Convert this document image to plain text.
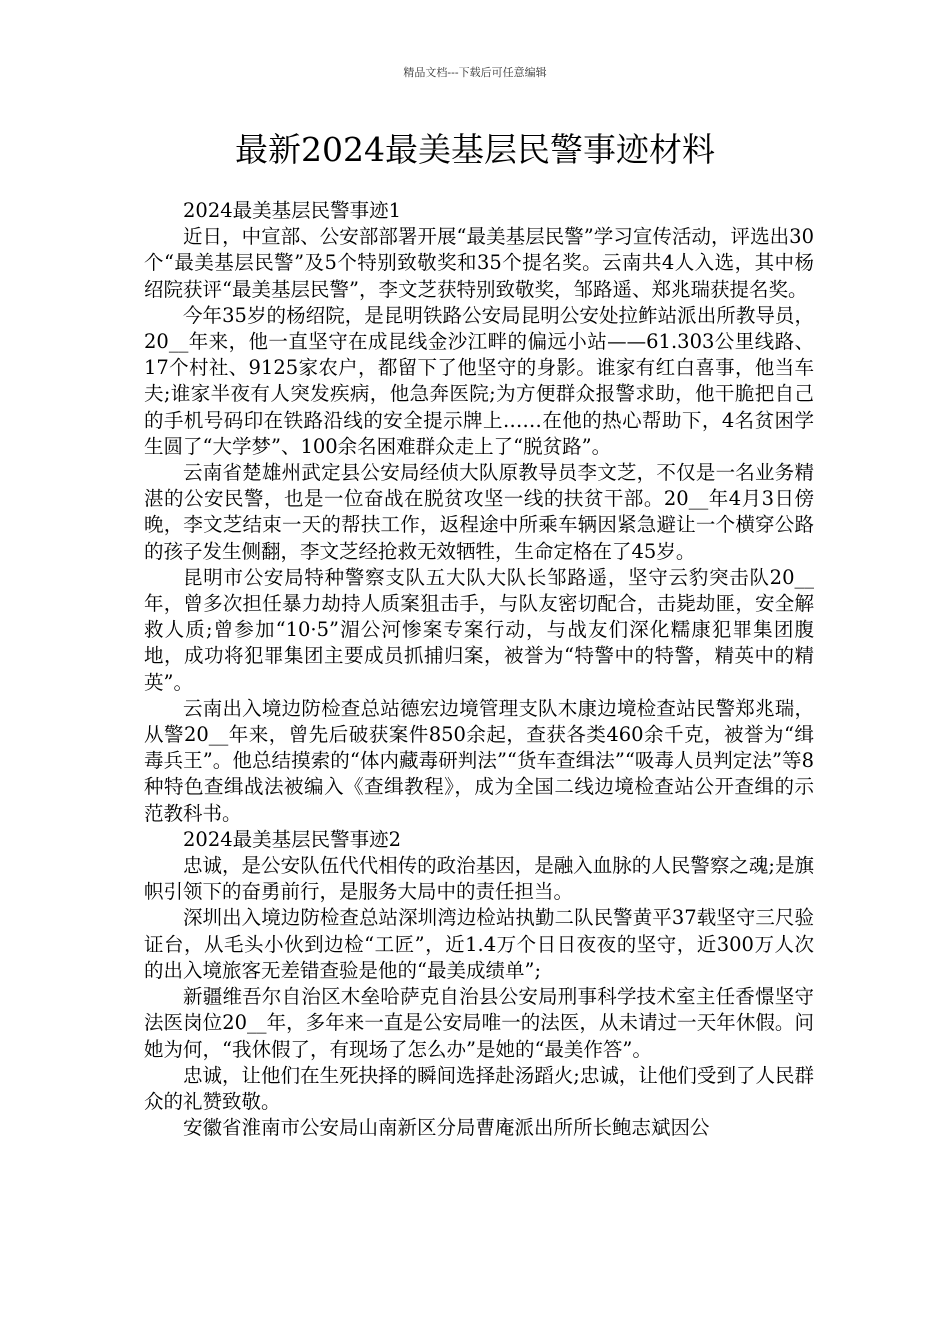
精品文档---下载后可任意编辑
最新2024最美基层民警事迹材料

2024最美基层民警事迹1

近日，中宣部、公安部部署开展“最美基层民警”学习宣传活动，评选出30个“最美基层民警”及5个特别致敬奖和35个提名奖。云南共4人入选，其中杨绍院获评“最美基层民警”，李文芝获特别致敬奖，邹路遥、郑兆瑞获提名奖。

今年35岁的杨绍院，是昆明铁路公安局昆明公安处拉鲊站派出所教导员，20__年来，他一直坚守在成昆线金沙江畔的偏远小站——61.303公里线路、17个村社、9125家农户，都留下了他坚守的身影。谁家有红白喜事，他当车夫;谁家半夜有人突发疾病，他急奔医院;为方便群众报警求助，他干脆把自己的手机号码印在铁路沿线的安全提示牌上……在他的热心帮助下，4名贫困学生圆了“大学梦”、100余名困难群众走上了“脱贫路”。

云南省楚雄州武定县公安局经侦大队原教导员李文芝，不仅是一名业务精湛的公安民警，也是一位奋战在脱贫攻坚一线的扶贫干部。20__年4月3日傍晚，李文芝结束一天的帮扶工作，返程途中所乘车辆因紧急避让一个横穿公路的孩子发生侧翻，李文芝经抢救无效牺牲，生命定格在了45岁。

昆明市公安局特种警察支队五大队大队长邹路遥，坚守云豹突击队20__年，曾多次担任暴力劫持人质案狙击手，与队友密切配合，击毙劫匪，安全解救人质;曾参加“10·5”湄公河惨案专案行动，与战友们深化糯康犯罪集团腹地，成功将犯罪集团主要成员抓捕归案，被誉为“特警中的特警，精英中的精英”。

云南出入境边防检查总站德宏边境管理支队木康边境检查站民警郑兆瑞，从警20__年来，曾先后破获案件850余起，查获各类460余千克，被誉为“缉毒兵王”。他总结摸索的“体内藏毒研判法”“货车查缉法”“吸毒人员判定法”等8种特色查缉战法被编入《查缉教程》，成为全国二线边境检查站公开查缉的示范教科书。

2024最美基层民警事迹2

忠诚，是公安队伍代代相传的政治基因，是融入血脉的人民警察之魂;是旗帜引领下的奋勇前行，是服务大局中的责任担当。

深圳出入境边防检查总站深圳湾边检站执勤二队民警黄平37载坚守三尺验证台，从毛头小伙到边检“工匠”，近1.4万个日日夜夜的坚守，近300万人次的出入境旅客无差错查验是他的“最美成绩单”;

新疆维吾尔自治区木垒哈萨克自治县公安局刑事科学技术室主任香憬坚守法医岗位20__年，多年来一直是公安局唯一的法医，从未请过一天年休假。问她为何，“我休假了，有现场了怎么办”是她的“最美作答”。

忠诚，让他们在生死抉择的瞬间选择赴汤蹈火;忠诚，让他们受到了人民群众的礼赞致敬。

安徽省淮南市公安局山南新区分局曹庵派出所所长鲍志斌因公
